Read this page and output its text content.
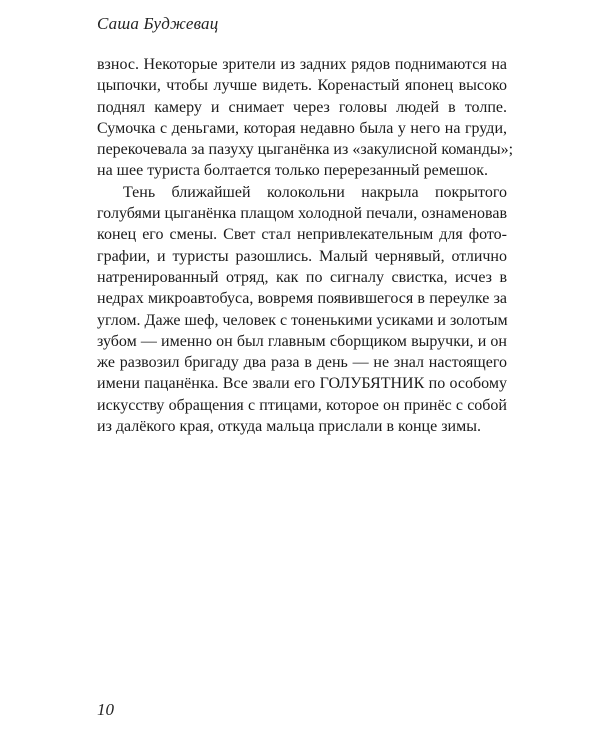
Саша Буджевац
взнос. Некоторые зрители из задних рядов поднимаются на
цыпочки, чтобы лучше видеть. Коренастый японец высоко
поднял камеру и снимает через головы людей в толпе.
Сумочка с деньгами, которая недавно была у него на груди,
перекочевала за пазуху цыганёнка из «закулисной команды»;
на шее туриста болтается только перерезанный ремешок.
Тень ближайшей колокольни накрыла покрытого
голубями цыганёнка плащом холодной печали, ознаменовав
конец его смены. Свет стал непривлекательным для фото-
графии, и туристы разошлись. Малый чернявый, отлично
натренированный отряд, как по сигналу свистка, исчез в
недрах микроавтобуса, вовремя появившегося в переулке за
углом. Даже шеф, человек с тоненькими усиками и золотым
зубом — именно он был главным сборщиком выручки, и он
же развозил бригаду два раза в день — не знал настоящего
имени пацанёнка. Все звали его ГОЛУБЯТНИК по особому
искусству обращения с птицами, которое он принёс с собой
из далёкого края, откуда мальца прислали в конце зимы.
10
